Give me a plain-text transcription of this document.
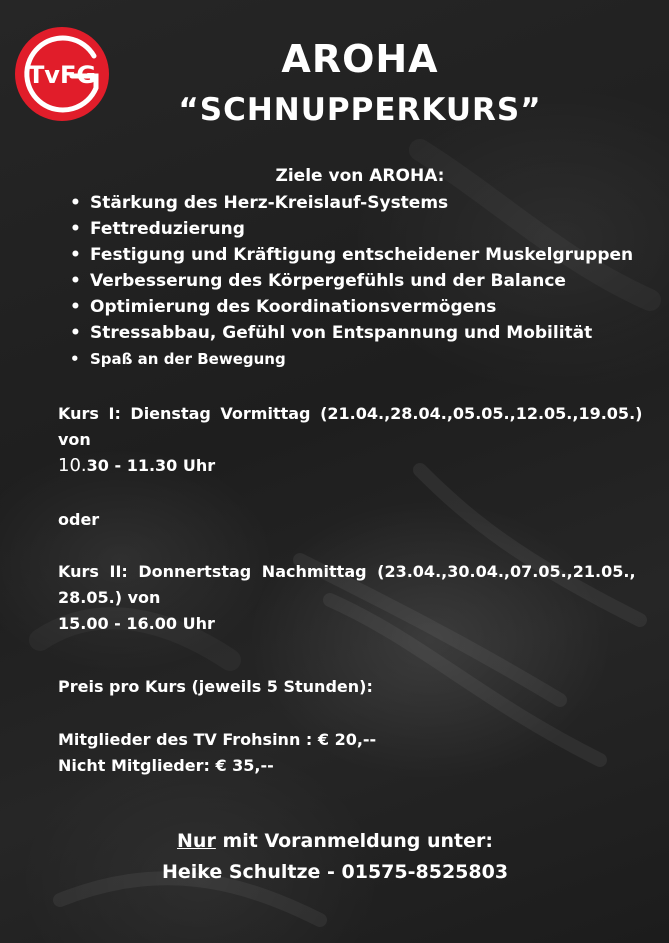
TvFG	AROHA
“SCHNUPPERKURS”
Ziele von AROHA:
• Stärkung des Herz-Kreislauf-Systems
• Fettreduzierung
• Festigung und Kräftigung entscheidener Muskelgruppen
• Verbesserung des Körpergefühls und der Balance
• Optimierung des Koordinationsvermögens
• Stressabbau, Gefühl von Entspannung und Mobilität
• Spaß an der Bewegung
Kurs I: Dienstag Vormittag (21.04.,28.04.,05.05.,12.05.,19.05.)
von
10.30 - 11.30 Uhr
oder
Kurs II: Donnertstag Nachmittag (23.04.,30.04.,07.05.,21.05.,
28.05.) von
15.00 - 16.00 Uhr
Preis pro Kurs (jeweils 5 Stunden):
Mitglieder des TV Frohsinn : € 20,--
Nicht Mitglieder: € 35,--
Nur mit Voranmeldung unter:
Heike Schultze - 01575-8525803
